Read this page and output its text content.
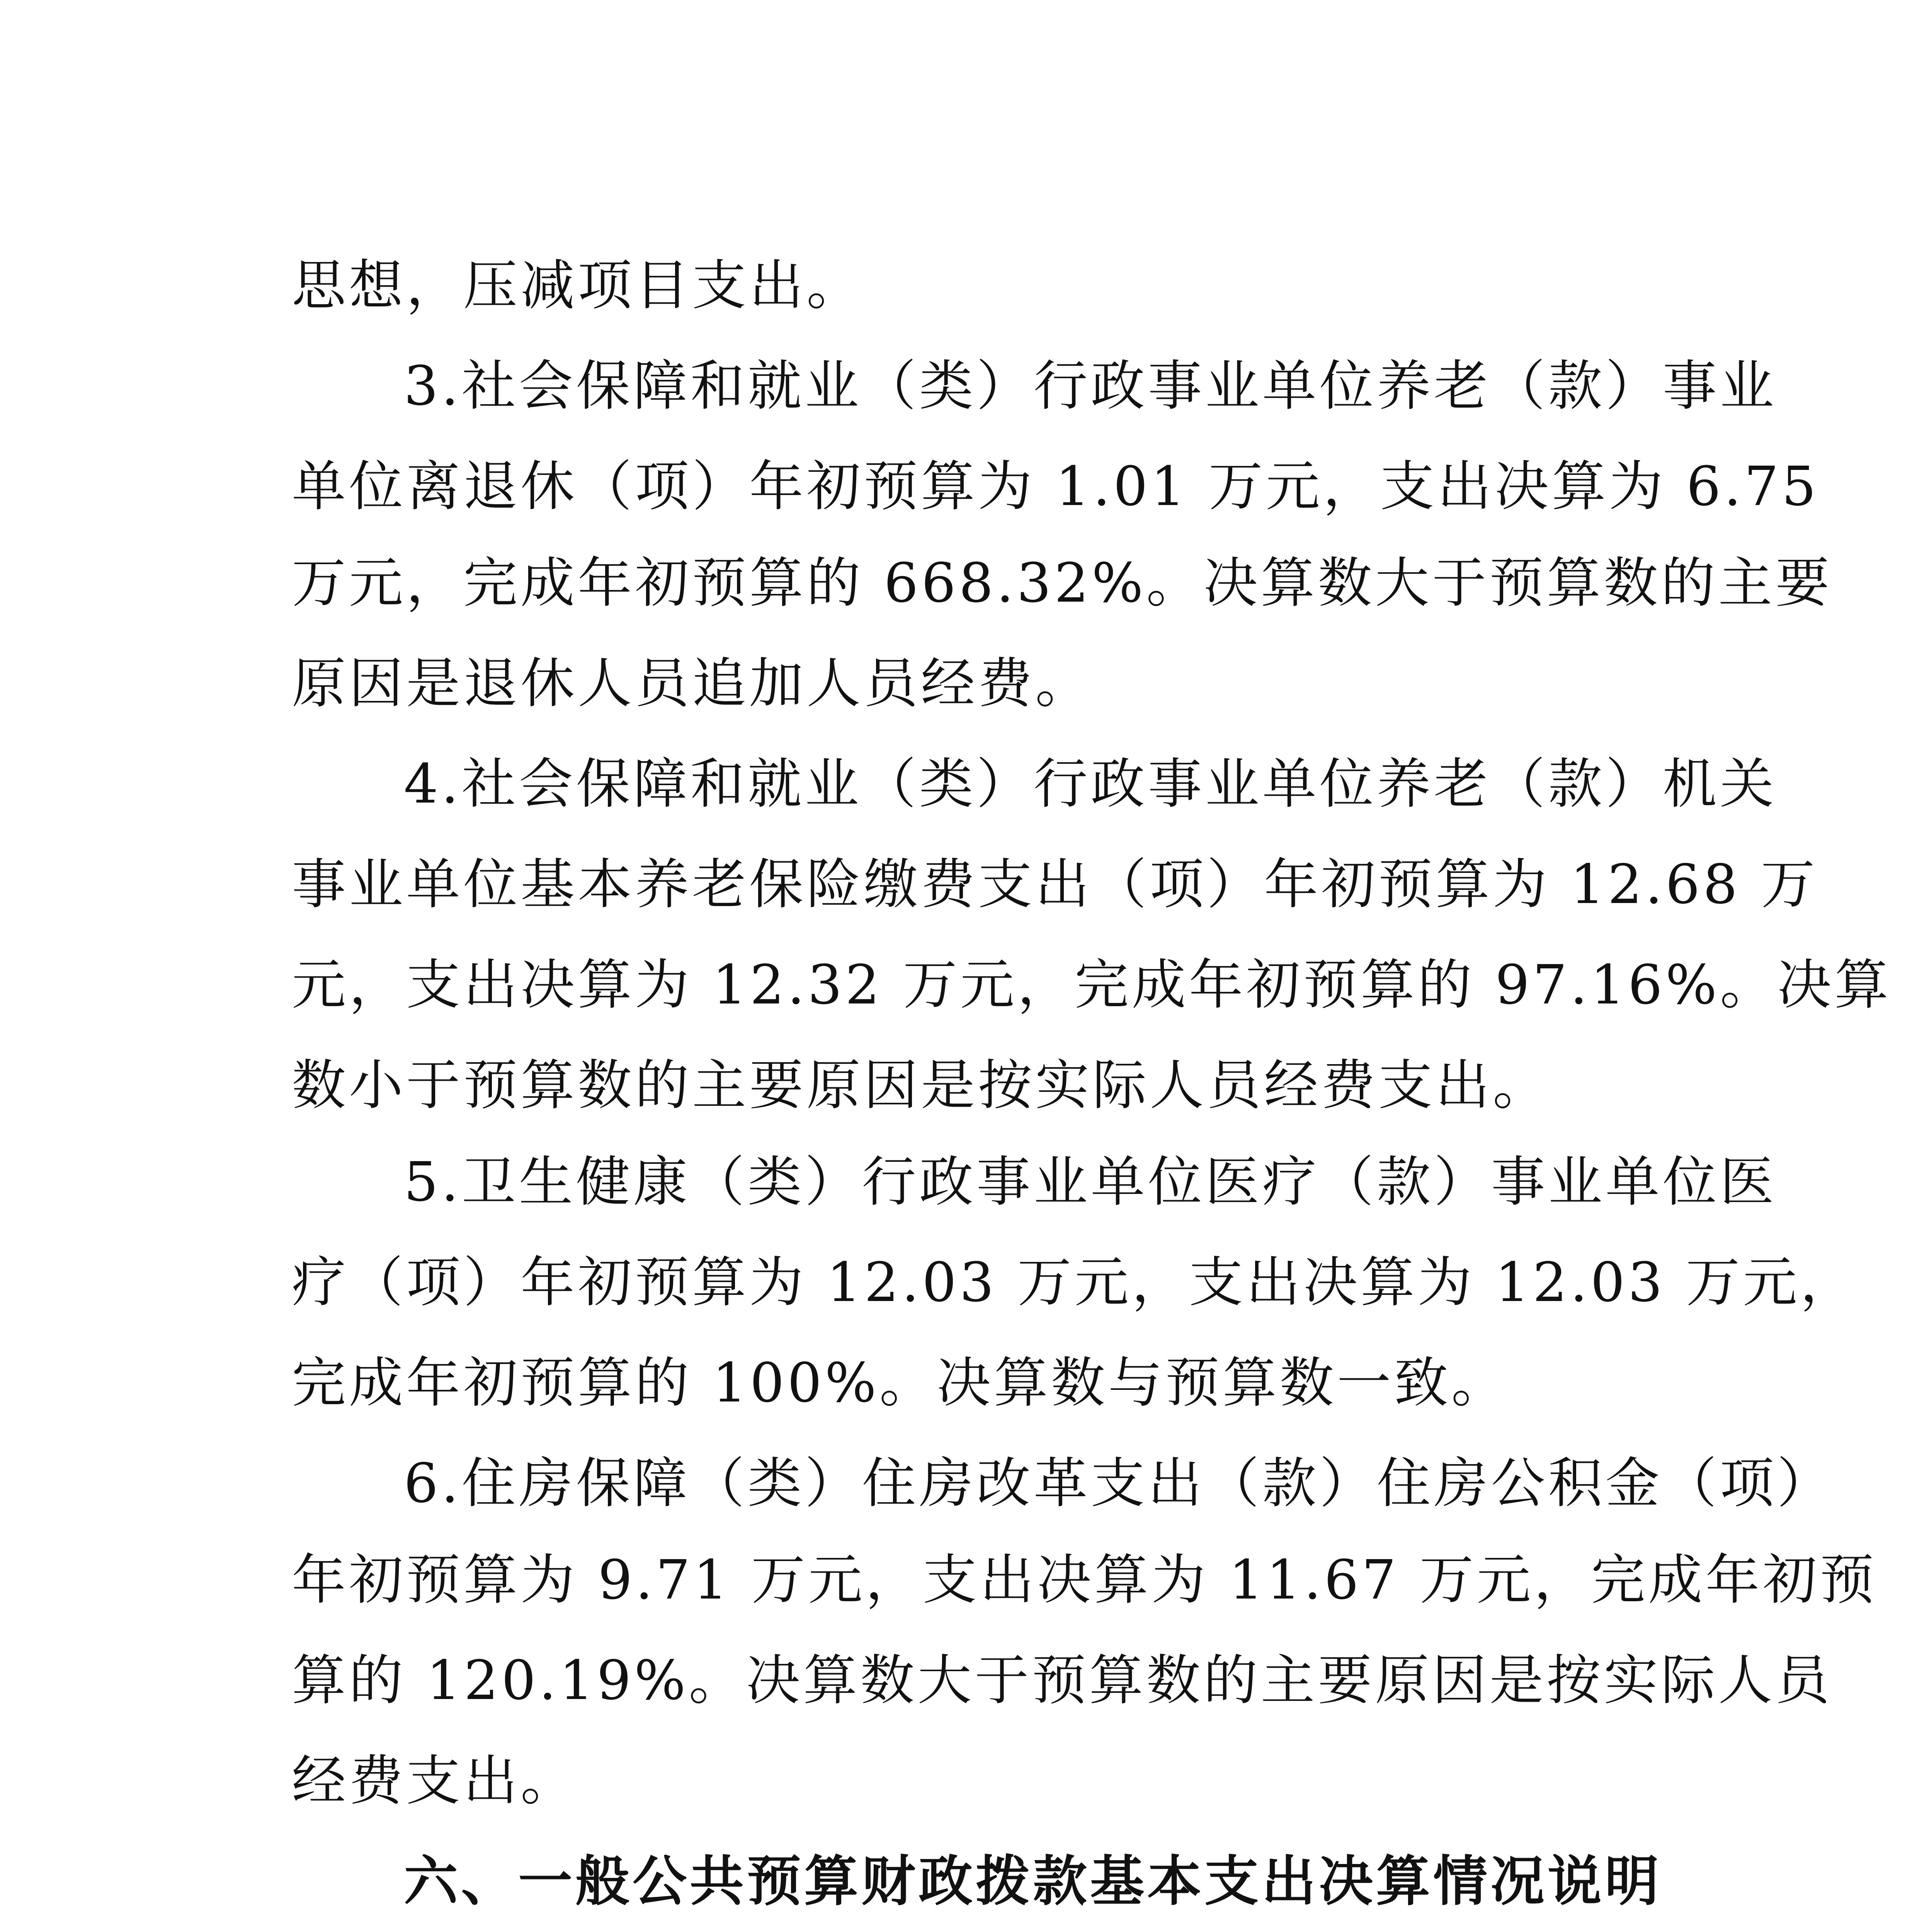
思想，压减项目支出。
3.社会保障和就业（类）行政事业单位养老（款）事业
单位离退休（项）年初预算为 1.01 万元，支出决算为 6.75
万元，完成年初预算的 668.32%。决算数大于预算数的主要
原因是退休人员追加人员经费。
4.社会保障和就业（类）行政事业单位养老（款）机关
事业单位基本养老保险缴费支出（项）年初预算为 12.68 万
元，支出决算为 12.32 万元，完成年初预算的 97.16%。决算
数小于预算数的主要原因是按实际人员经费支出。
5.卫生健康（类）行政事业单位医疗（款）事业单位医
疗（项）年初预算为 12.03 万元，支出决算为 12.03 万元，
完成年初预算的 100%。决算数与预算数一致。
6.住房保障（类）住房改革支出（款）住房公积金（项）
年初预算为 9.71 万元，支出决算为 11.67 万元，完成年初预
算的 120.19%。决算数大于预算数的主要原因是按实际人员
经费支出。
六、一般公共预算财政拨款基本支出决算情况说明
